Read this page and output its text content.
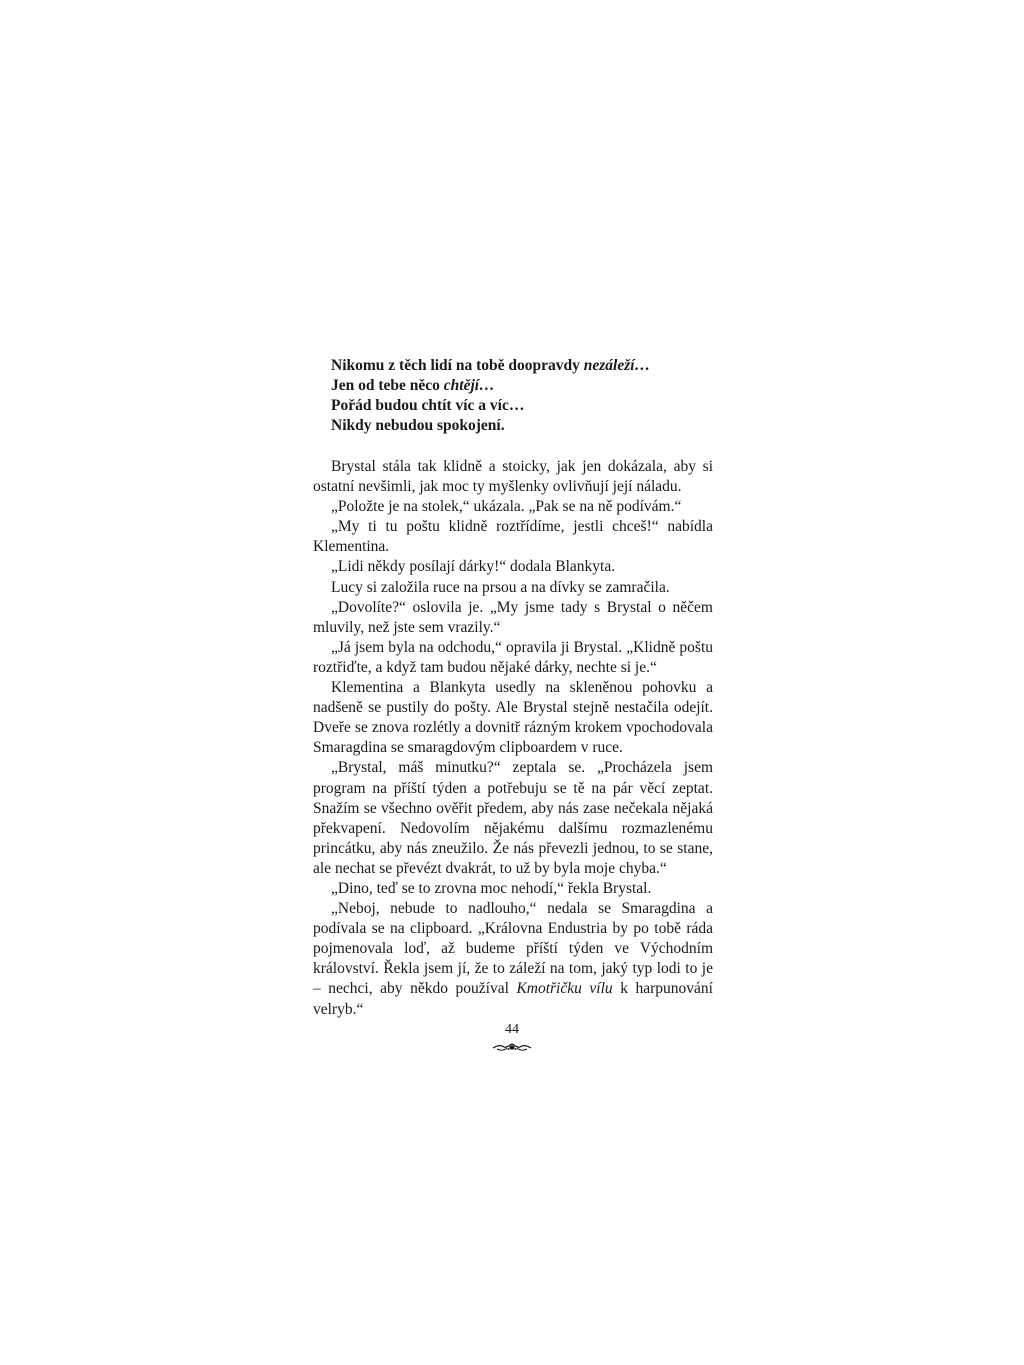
Nikomu z těch lidí na tobě doopravdy nezáleží…
Jen od tebe něco chtějí…
Pořád budou chtít víc a víc…
Nikdy nebudou spokojení.

Brystal stála tak klidně a stoicky, jak jen dokázala, aby si ostatní nevšimli, jak moc ty myšlenky ovlivňují její náladu.

„Položte je na stolek,“ ukázala. „Pak se na ně podívám.“

„My ti tu poštu klidně roztřídíme, jestli chceš!“ nabídla Klementina.

„Lidi někdy posílají dárky!“ dodala Blankyta.

Lucy si založila ruce na prsou a na dívky se zamračila.

„Dovolíte?“ oslovila je. „My jsme tady s Brystal o něčem mluvily, než jste sem vrazily.“

„Já jsem byla na odchodu,“ opravila ji Brystal. „Klidně poštu roztřiďte, a když tam budou nějaké dárky, nechte si je.“

Klementina a Blankyta usedly na skleněnou pohovku a nadšeně se pustily do pošty. Ale Brystal stejně nestačila odejít. Dveře se znova rozlétly a dovnitř rázným krokem vpochodovala Smaragdina se smaragdovým clipboardem v ruce.

„Brystal, máš minutku?“ zeptala se. „Procházela jsem program na příští týden a potřebuju se tě na pár věcí zeptat. Snažím se všechno ověřit předem, aby nás zase nečekala nějaká překvapení. Nedovolím nějakému dalšímu rozmazlenému princátku, aby nás zneužilo. Že nás převezli jednou, to se stane, ale nechat se převézt dvakrát, to už by byla moje chyba.“

„Dino, teď se to zrovna moc nehodí,“ řekla Brystal.

„Neboj, nebude to nadlouho,“ nedala se Smaragdina a podívala se na clipboard. „Královna Endustria by po tobě ráda pojmenovala loď, až budeme příští týden ve Východním království. Řekla jsem jí, že to záleží na tom, jaký typ lodi to je – nechci, aby někdo používal Kmotřičku vílu k harpunování velryb.“

44
